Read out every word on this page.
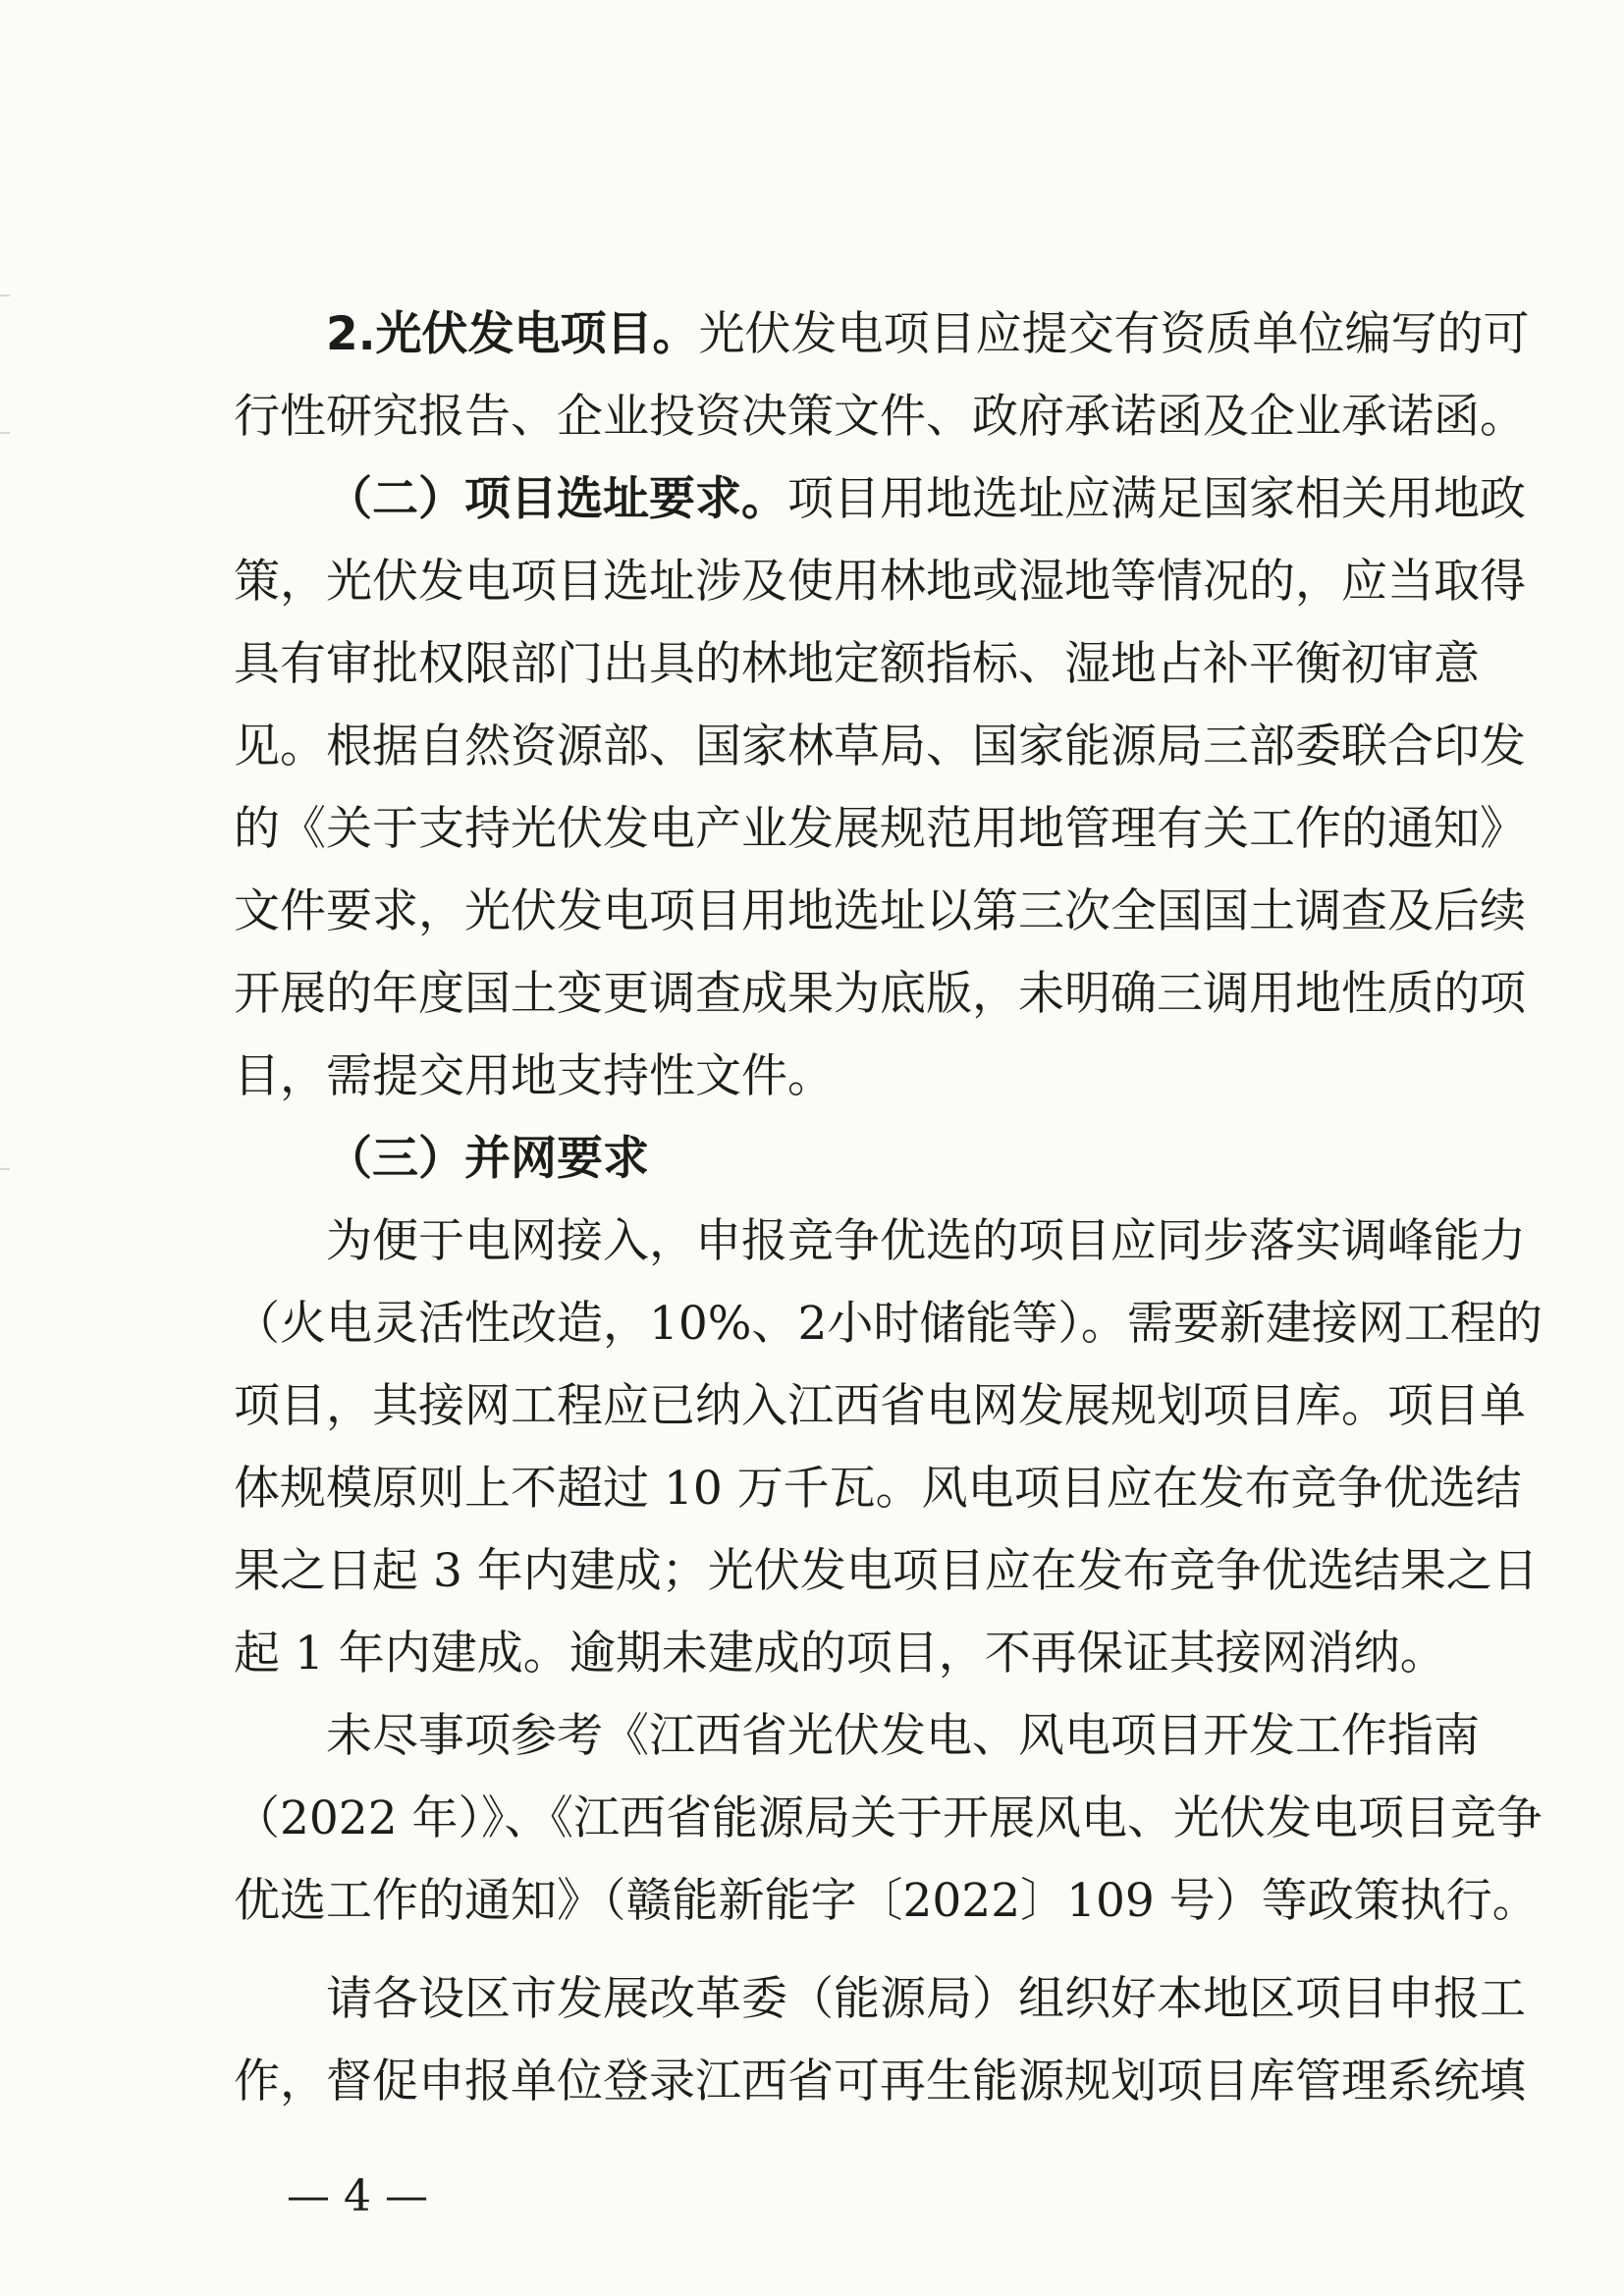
2.光伏发电项目。光伏发电项目应提交有资质单位编写的可
行性研究报告、企业投资决策文件、政府承诺函及企业承诺函。
（二）项目选址要求。项目用地选址应满足国家相关用地政
策，光伏发电项目选址涉及使用林地或湿地等情况的，应当取得
具有审批权限部门出具的林地定额指标、湿地占补平衡初审意
见。根据自然资源部、国家林草局、国家能源局三部委联合印发
的《关于支持光伏发电产业发展规范用地管理有关工作的通知》
文件要求，光伏发电项目用地选址以第三次全国国土调查及后续
开展的年度国土变更调查成果为底版，未明确三调用地性质的项
目，需提交用地支持性文件。
（三）并网要求
为便于电网接入，申报竞争优选的项目应同步落实调峰能力
（火电灵活性改造，10%、2小时储能等）。需要新建接网工程的
项目，其接网工程应已纳入江西省电网发展规划项目库。项目单
体规模原则上不超过 10 万千瓦。风电项目应在发布竞争优选结
果之日起 3 年内建成；光伏发电项目应在发布竞争优选结果之日
起 1 年内建成。逾期未建成的项目，不再保证其接网消纳。
未尽事项参考《江西省光伏发电、风电项目开发工作指南
（2022 年）》、《江西省能源局关于开展风电、光伏发电项目竞争
优选工作的通知》（赣能新能字〔2022〕109 号）等政策执行。
请各设区市发展改革委（能源局）组织好本地区项目申报工
作，督促申报单位登录江西省可再生能源规划项目库管理系统填
— 4 —
